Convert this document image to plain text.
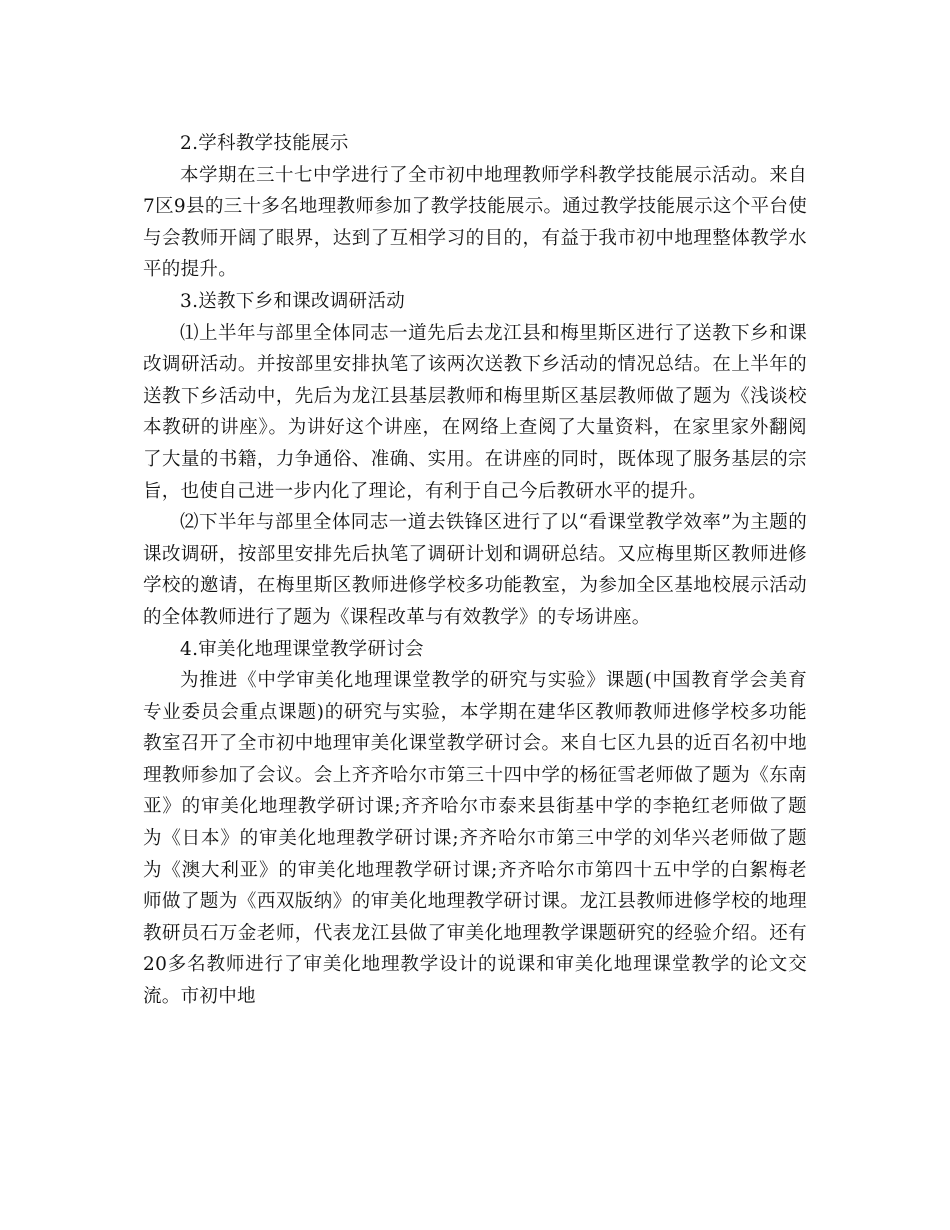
2.学科教学技能展示

本学期在三十七中学进行了全市初中地理教师学科教学技能展示活动。来自7区9县的三十多名地理教师参加了教学技能展示。通过教学技能展示这个平台使与会教师开阔了眼界，达到了互相学习的目的，有益于我市初中地理整体教学水平的提升。

3.送教下乡和课改调研活动

⑴上半年与部里全体同志一道先后去龙江县和梅里斯区进行了送教下乡和课改调研活动。并按部里安排执笔了该两次送教下乡活动的情况总结。在上半年的送教下乡活动中，先后为龙江县基层教师和梅里斯区基层教师做了题为《浅谈校本教研的讲座》。为讲好这个讲座，在网络上查阅了大量资料，在家里家外翻阅了大量的书籍，力争通俗、准确、实用。在讲座的同时，既体现了服务基层的宗旨，也使自己进一步内化了理论，有利于自己今后教研水平的提升。

⑵下半年与部里全体同志一道去铁锋区进行了以“看课堂教学效率”为主题的课改调研，按部里安排先后执笔了调研计划和调研总结。又应梅里斯区教师进修学校的邀请，在梅里斯区教师进修学校多功能教室，为参加全区基地校展示活动的全体教师进行了题为《课程改革与有效教学》的专场讲座。

4.审美化地理课堂教学研讨会

为推进《中学审美化地理课堂教学的研究与实验》课题(中国教育学会美育专业委员会重点课题)的研究与实验，本学期在建华区教师教师进修学校多功能教室召开了全市初中地理审美化课堂教学研讨会。来自七区九县的近百名初中地理教师参加了会议。会上齐齐哈尔市第三十四中学的杨征雪老师做了题为《东南亚》的审美化地理教学研讨课;齐齐哈尔市泰来县街基中学的李艳红老师做了题为《日本》的审美化地理教学研讨课;齐齐哈尔市第三中学的刘华兴老师做了题为《澳大利亚》的审美化地理教学研讨课;齐齐哈尔市第四十五中学的白絮梅老师做了题为《西双版纳》的审美化地理教学研讨课。龙江县教师进修学校的地理教研员石万金老师，代表龙江县做了审美化地理教学课题研究的经验介绍。还有20多名教师进行了审美化地理教学设计的说课和审美化地理课堂教学的论文交流。市初中地
